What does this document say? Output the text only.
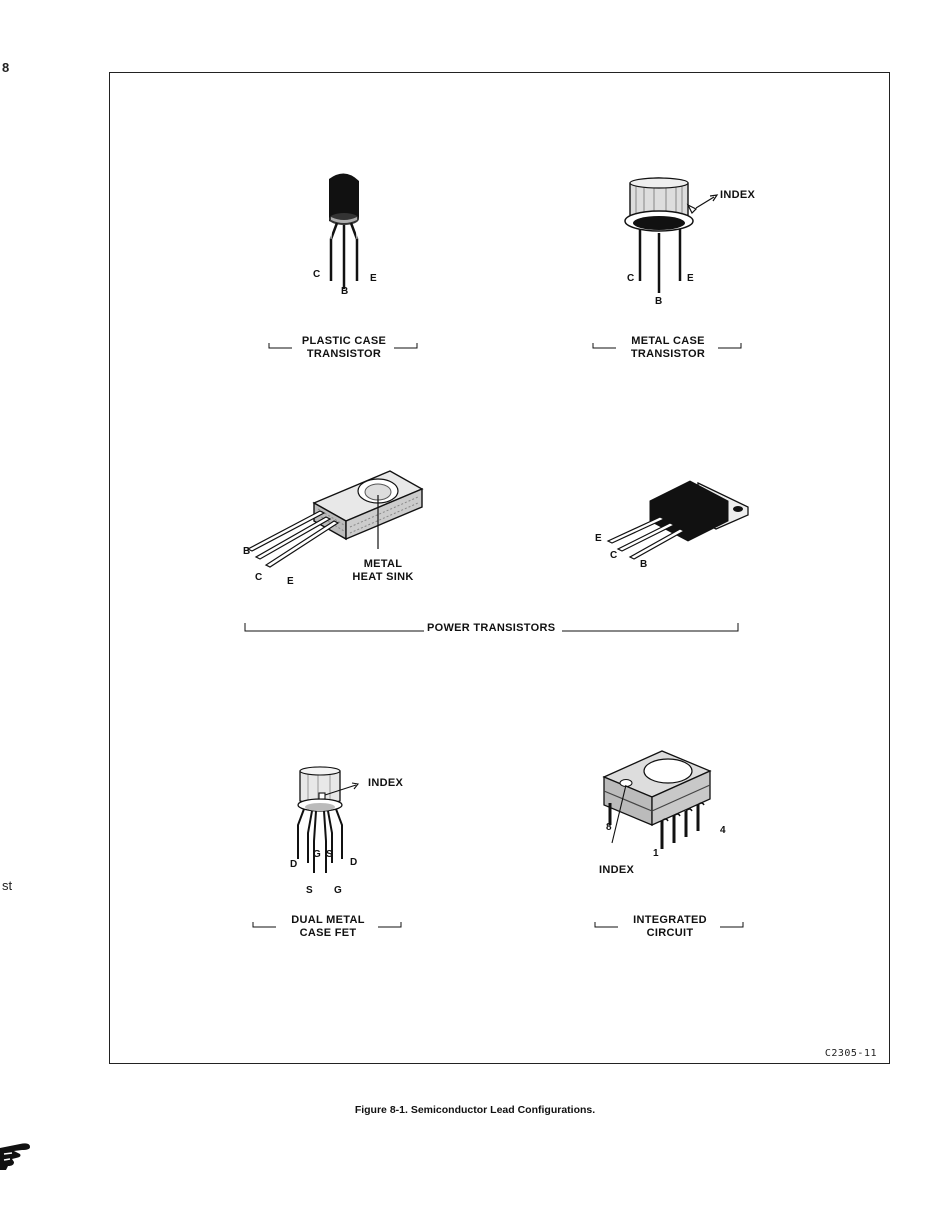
8
st
C
B
E
PLASTIC CASE
TRANSISTOR
INDEX
C
B
E
METAL CASE
TRANSISTOR
B
C E
METAL
HEAT SINK
E
C
B
POWER TRANSISTORS
INDEX
D
G S
D
S G
DUAL METAL
CASE FET
8
1
4
INDEX
INTEGRATED
CIRCUIT
C2305-11
Figure 8-1. Semiconductor Lead Configurations.
